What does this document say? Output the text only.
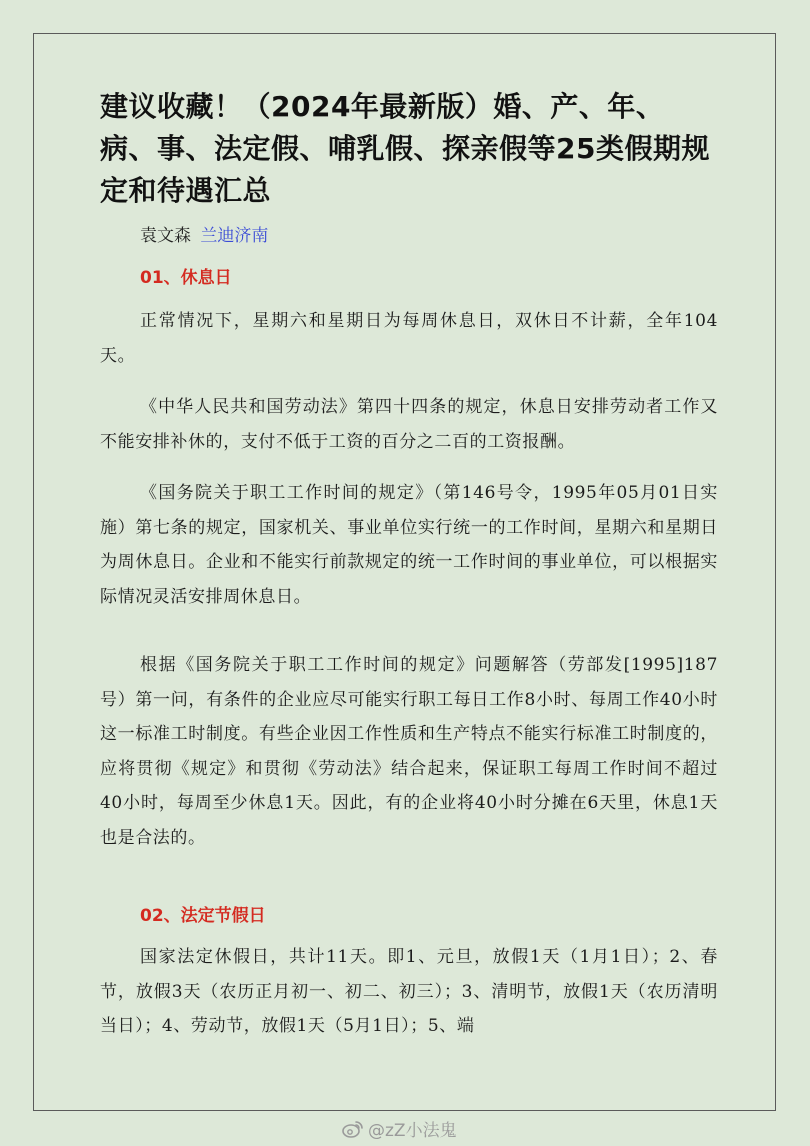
建议收藏！（2024年最新版）婚、产、年、病、事、法定假、哺乳假、探亲假等25类假期规定和待遇汇总
袁文森 兰迪济南
01、休息日

正常情况下，星期六和星期日为每周休息日，双休日不计薪，全年104天。

《中华人民共和国劳动法》第四十四条的规定，休息日安排劳动者工作又不能安排补休的，支付不低于工资的百分之二百的工资报酬。

《国务院关于职工工作时间的规定》（第146号令，1995年05月01日实施）第七条的规定，国家机关、事业单位实行统一的工作时间，星期六和星期日为周休息日。企业和不能实行前款规定的统一工作时间的事业单位，可以根据实际情况灵活安排周休息日。

根据《国务院关于职工工作时间的规定》问题解答（劳部发[1995]187号）第一问，有条件的企业应尽可能实行职工每日工作8小时、每周工作40小时这一标准工时制度。有些企业因工作性质和生产特点不能实行标准工时制度的，应将贯彻《规定》和贯彻《劳动法》结合起来，保证职工每周工作时间不超过40小时，每周至少休息1天。因此，有的企业将40小时分摊在6天里，休息1天也是合法的。

02、法定节假日

国家法定休假日，共计11天。即1、元旦，放假1天（1月1日）；2、春节，放假3天（农历正月初一、初二、初三）；3、清明节，放假1天（农历清明当日）；4、劳动节，放假1天（5月1日）；5、端

@zZ小法鬼
